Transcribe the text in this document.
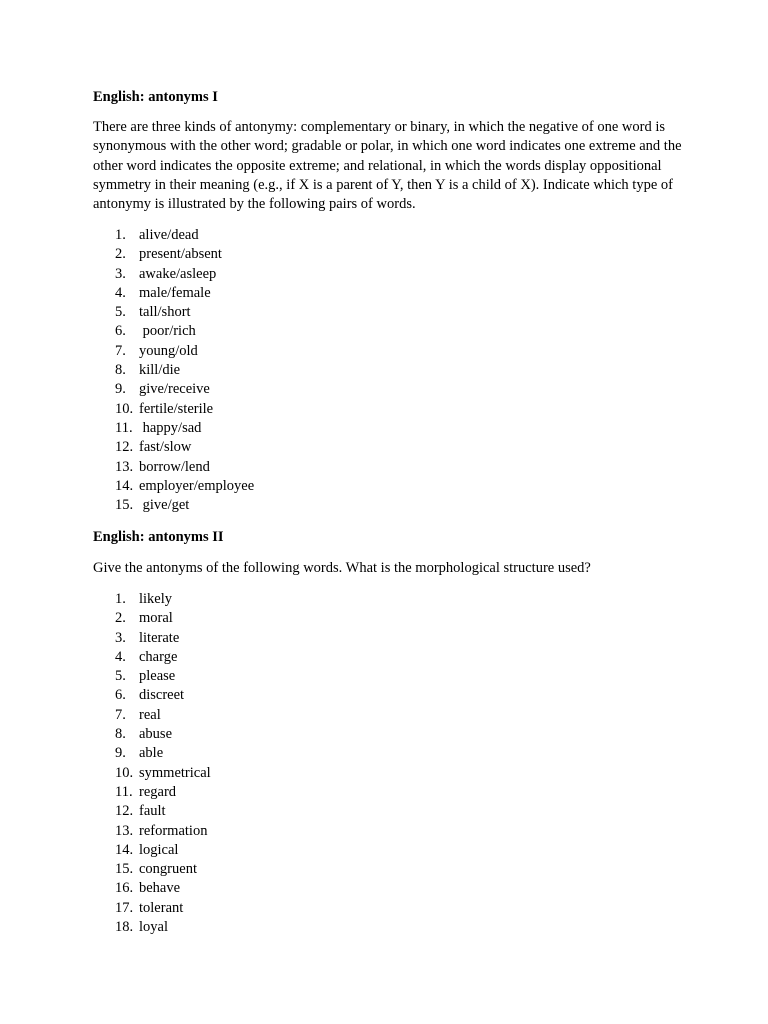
English: antonyms I

There are three kinds of antonymy: complementary or binary, in which the negative of one word is synonymous with the other word; gradable or polar, in which one word indicates one extreme and the other word indicates the opposite extreme; and relational, in which the words display oppositional symmetry in their meaning (e.g., if X is a parent of Y, then Y is a child of X). Indicate which type of antonymy is illustrated by the following pairs of words.

1. alive/dead
2. present/absent
3. awake/asleep
4. male/female
5. tall/short
6. poor/rich
7. young/old
8. kill/die
9. give/receive
10. fertile/sterile
11. happy/sad
12. fast/slow
13. borrow/lend
14. employer/employee
15. give/get

English: antonyms II

Give the antonyms of the following words. What is the morphological structure used?

1. likely
2. moral
3. literate
4. charge
5. please
6. discreet
7. real
8. abuse
9. able
10. symmetrical
11. regard
12. fault
13. reformation
14. logical
15. congruent
16. behave
17. tolerant
18. loyal
